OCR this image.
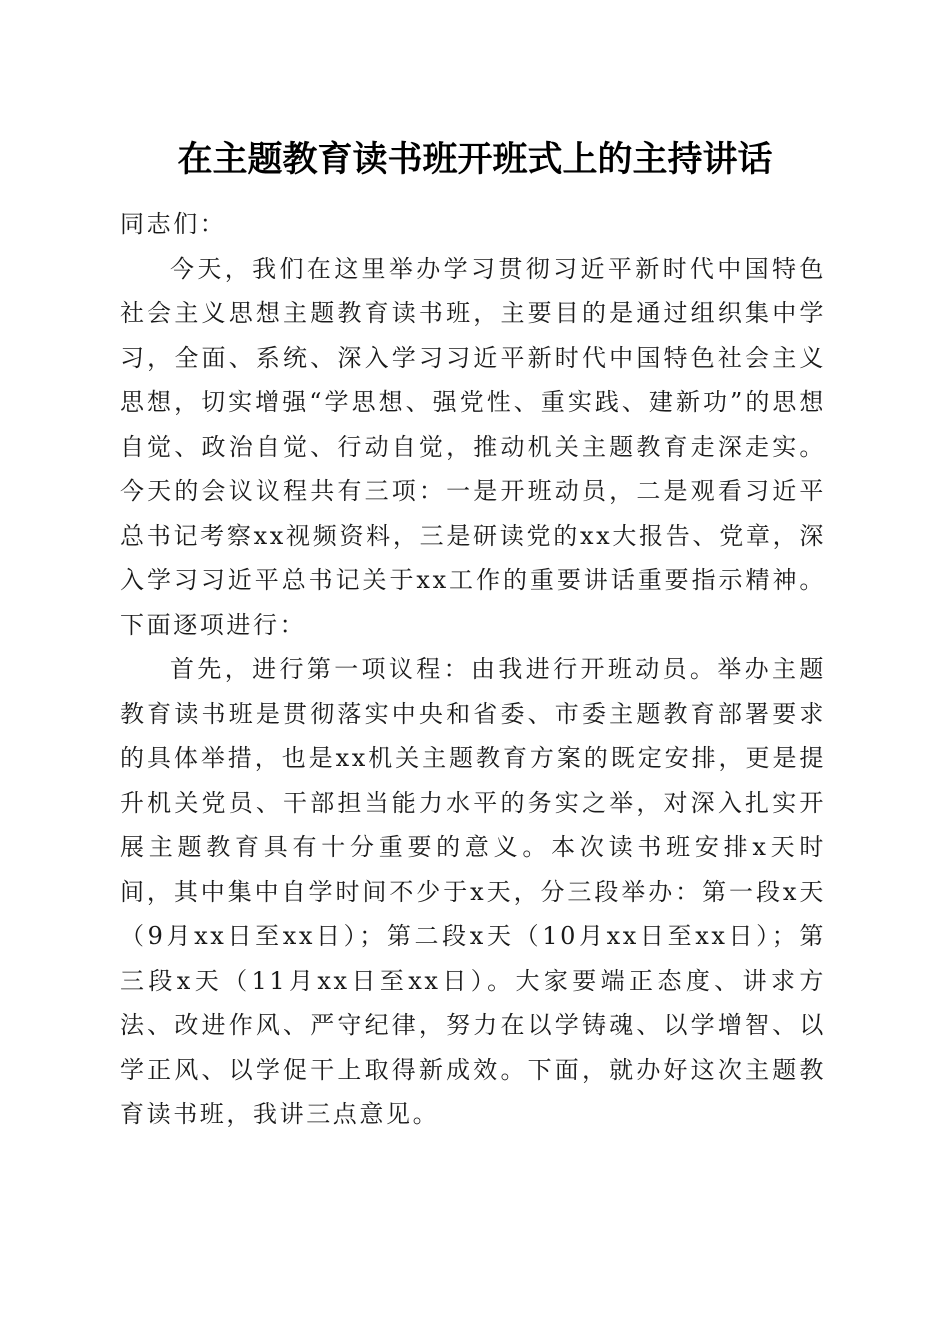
在主题教育读书班开班式上的主持讲话

同志们：

今天，我们在这里举办学习贯彻习近平新时代中国特色社会主义思想主题教育读书班，主要目的是通过组织集中学习，全面、系统、深入学习习近平新时代中国特色社会主义思想，切实增强“学思想、强党性、重实践、建新功”的思想自觉、政治自觉、行动自觉，推动机关主题教育走深走实。今天的会议议程共有三项：一是开班动员，二是观看习近平总书记考察xx视频资料，三是研读党的xx大报告、党章，深入学习习近平总书记关于xx工作的重要讲话重要指示精神。下面逐项进行：

首先，进行第一项议程：由我进行开班动员。举办主题教育读书班是贯彻落实中央和省委、市委主题教育部署要求的具体举措，也是xx机关主题教育方案的既定安排，更是提升机关党员、干部担当能力水平的务实之举，对深入扎实开展主题教育具有十分重要的意义。本次读书班安排x天时间，其中集中自学时间不少于x天，分三段举办：第一段x天（9月xx日至xx日）；第二段x天（10月xx日至xx日）；第三段x天（11月xx日至xx日）。大家要端正态度、讲求方法、改进作风、严守纪律，努力在以学铸魂、以学增智、以学正风、以学促干上取得新成效。下面，就办好这次主题教育读书班，我讲三点意见。
